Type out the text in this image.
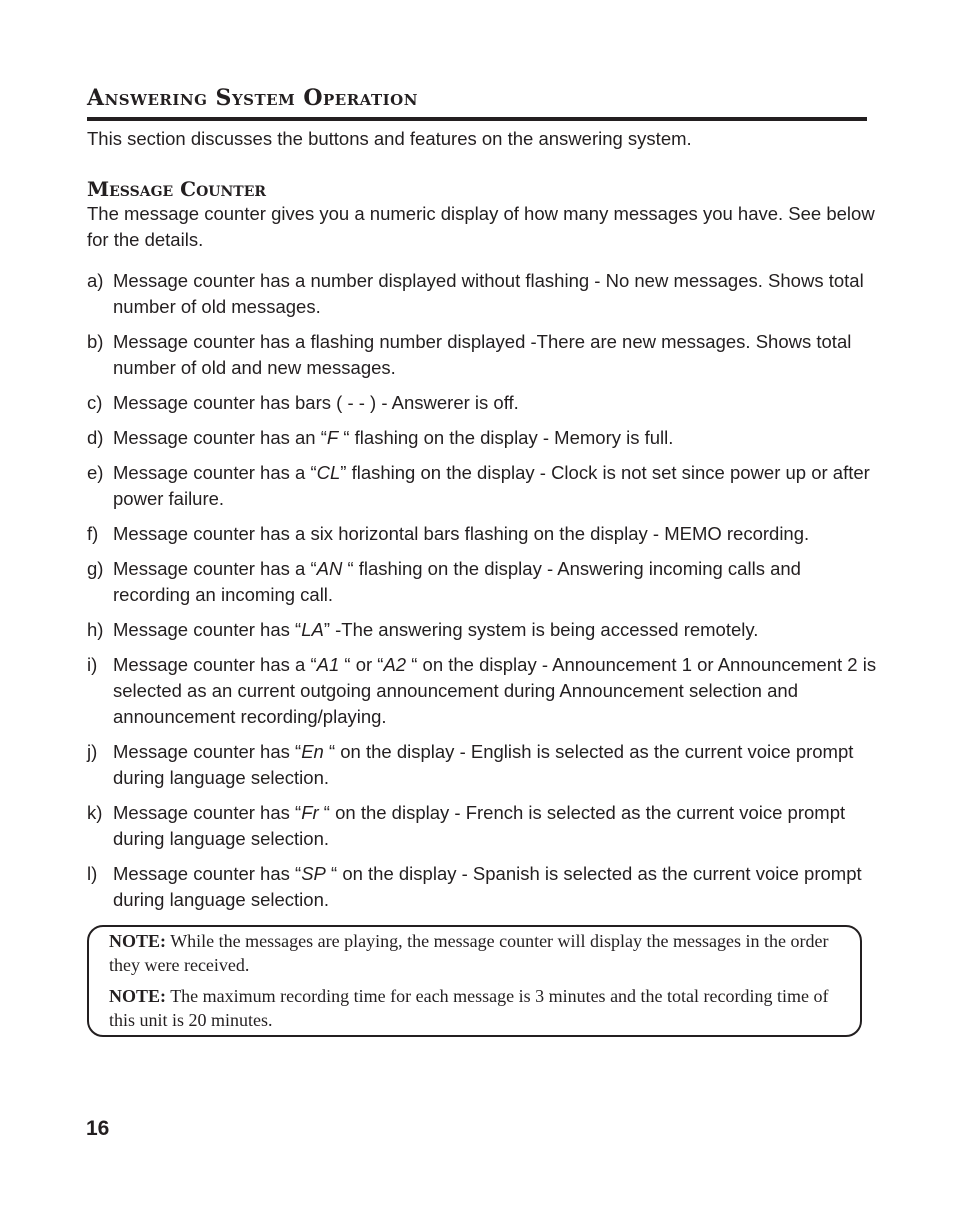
Answering System Operation

This section discusses the buttons and features on the answering system.

Message Counter

The message counter gives you a numeric display of how many messages you have. See below for the details.

a) Message counter has a number displayed without flashing - No new messages. Shows total number of old messages.
b) Message counter has a flashing number displayed -There are new messages. Shows total number of old and new messages.
c) Message counter has bars ( - - ) - Answerer is off.
d) Message counter has an “F “ flashing on the display - Memory is full.
e) Message counter has a “CL” flashing on the display - Clock is not set since power up or after power failure.
f) Message counter has a six horizontal bars flashing on the display - MEMO recording.
g) Message counter has a “AN “ flashing on the display - Answering incoming calls and recording an incoming call.
h) Message counter has “LA” -The answering system is being accessed remotely.
i) Message counter has a “A1 “ or “A2 “ on the display - Announcement 1 or Announcement 2 is selected as an current outgoing announcement during Announcement selection and announcement recording/playing.
j) Message counter has “En “ on the display - English is selected as the current voice prompt during language selection.
k) Message counter has “Fr “ on the display - French is selected as the current voice prompt during language selection.
l) Message counter has “SP “ on the display - Spanish is selected as the current voice prompt during language selection.

NOTE: While the messages are playing, the message counter will display the messages in the order they were received.

NOTE: The maximum recording time for each message is 3 minutes and the total recording time of this unit is 20 minutes.

16
